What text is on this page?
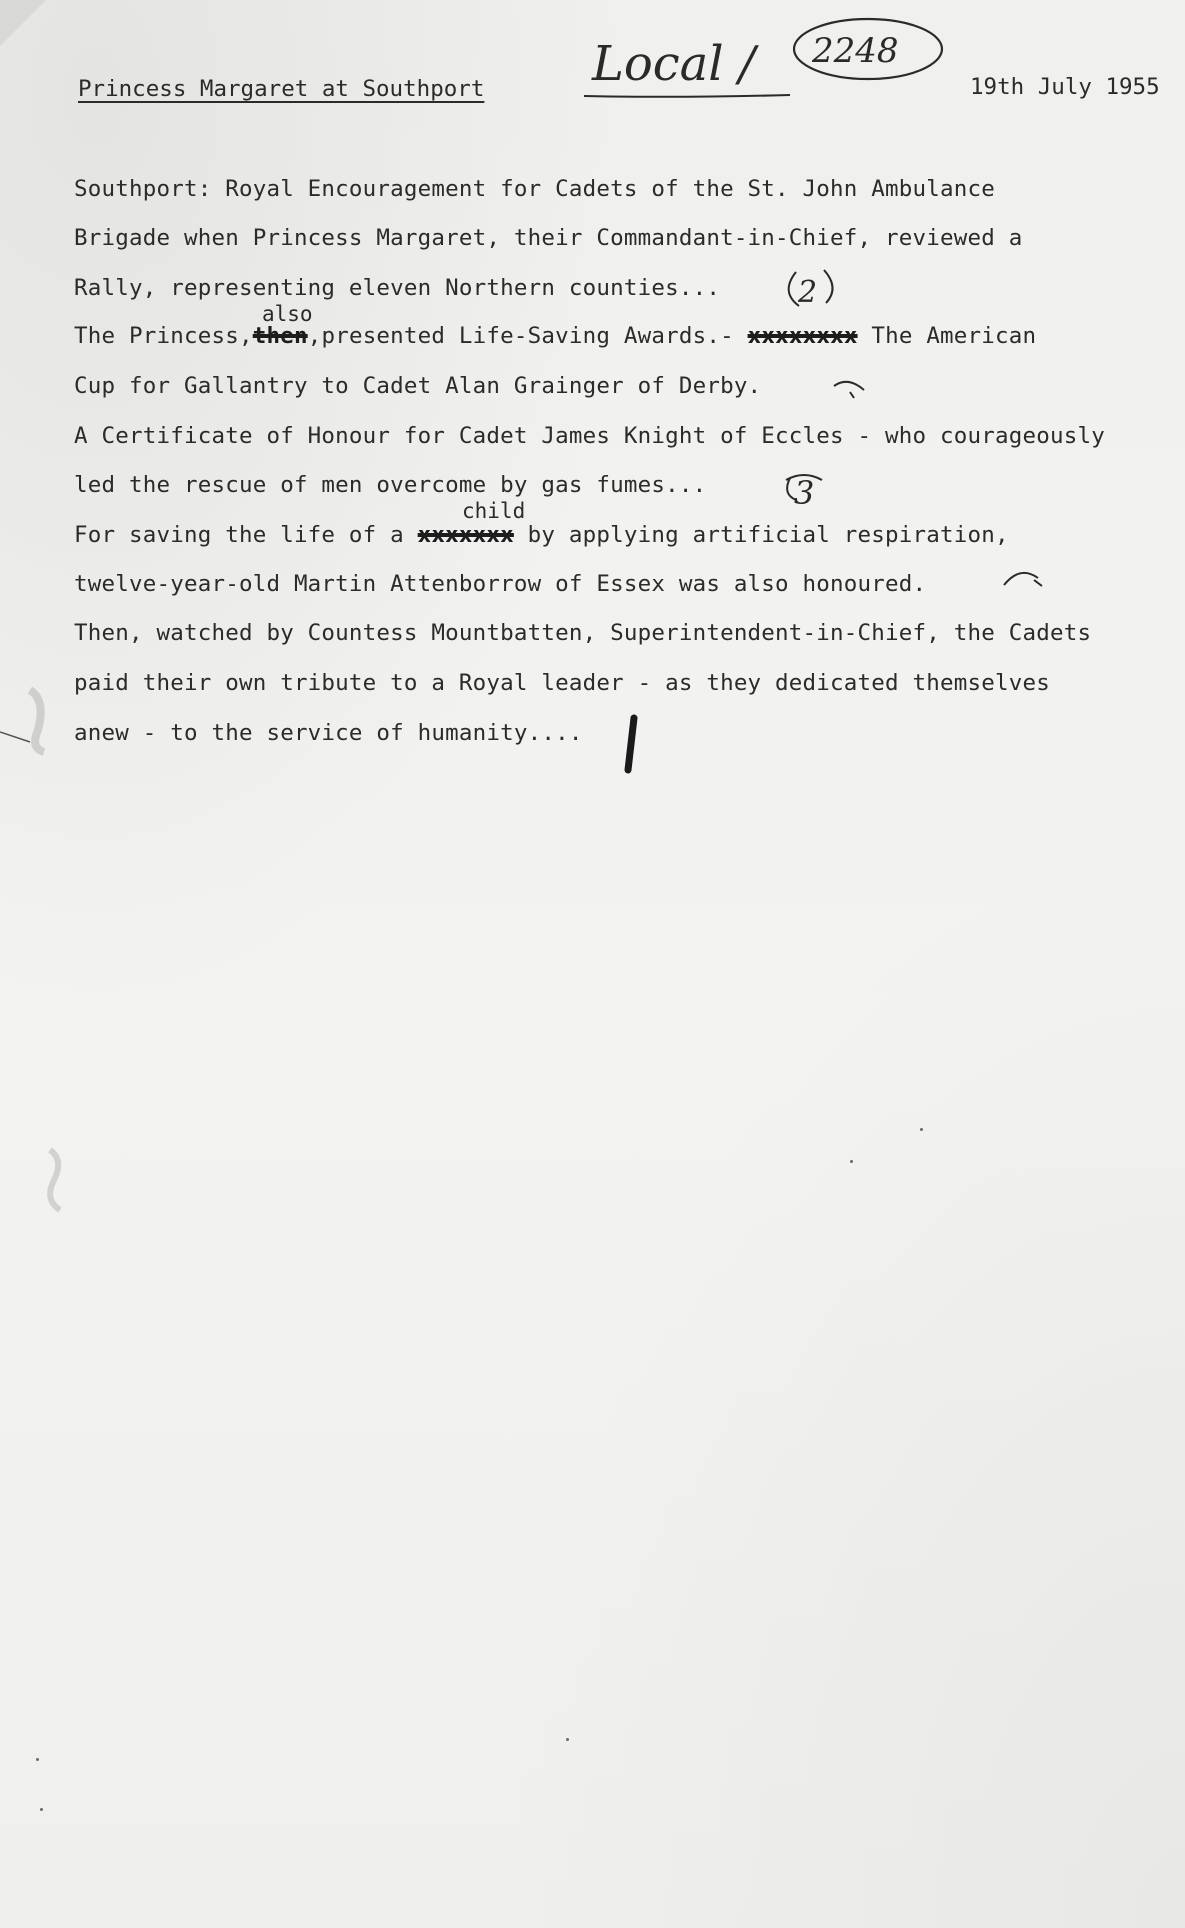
Princess Margaret at Southport	19th July 1955
Southport: Royal Encouragement for Cadets of the St. John Ambulance
Brigade when Princess Margaret, their Commandant-in-Chief, reviewed a
Rally, representing eleven Northern counties...
also
The Princess,then,presented Life-Saving Awards.- xxxxxxxx The American
Cup for Gallantry to Cadet Alan Grainger of Derby.
A Certificate of Honour for Cadet James Knight of Eccles - who courageously
led the rescue of men overcome by gas fumes...
child
For saving the life of a xxxxxxx by applying artificial respiration,
twelve-year-old Martin Attenborrow of Essex was also honoured.
Then, watched by Countess Mountbatten, Superintendent-in-Chief, the Cadets
paid their own tribute to a Royal leader - as they dedicated themselves
anew - to the service of humanity....
Local / 2248
2
3
